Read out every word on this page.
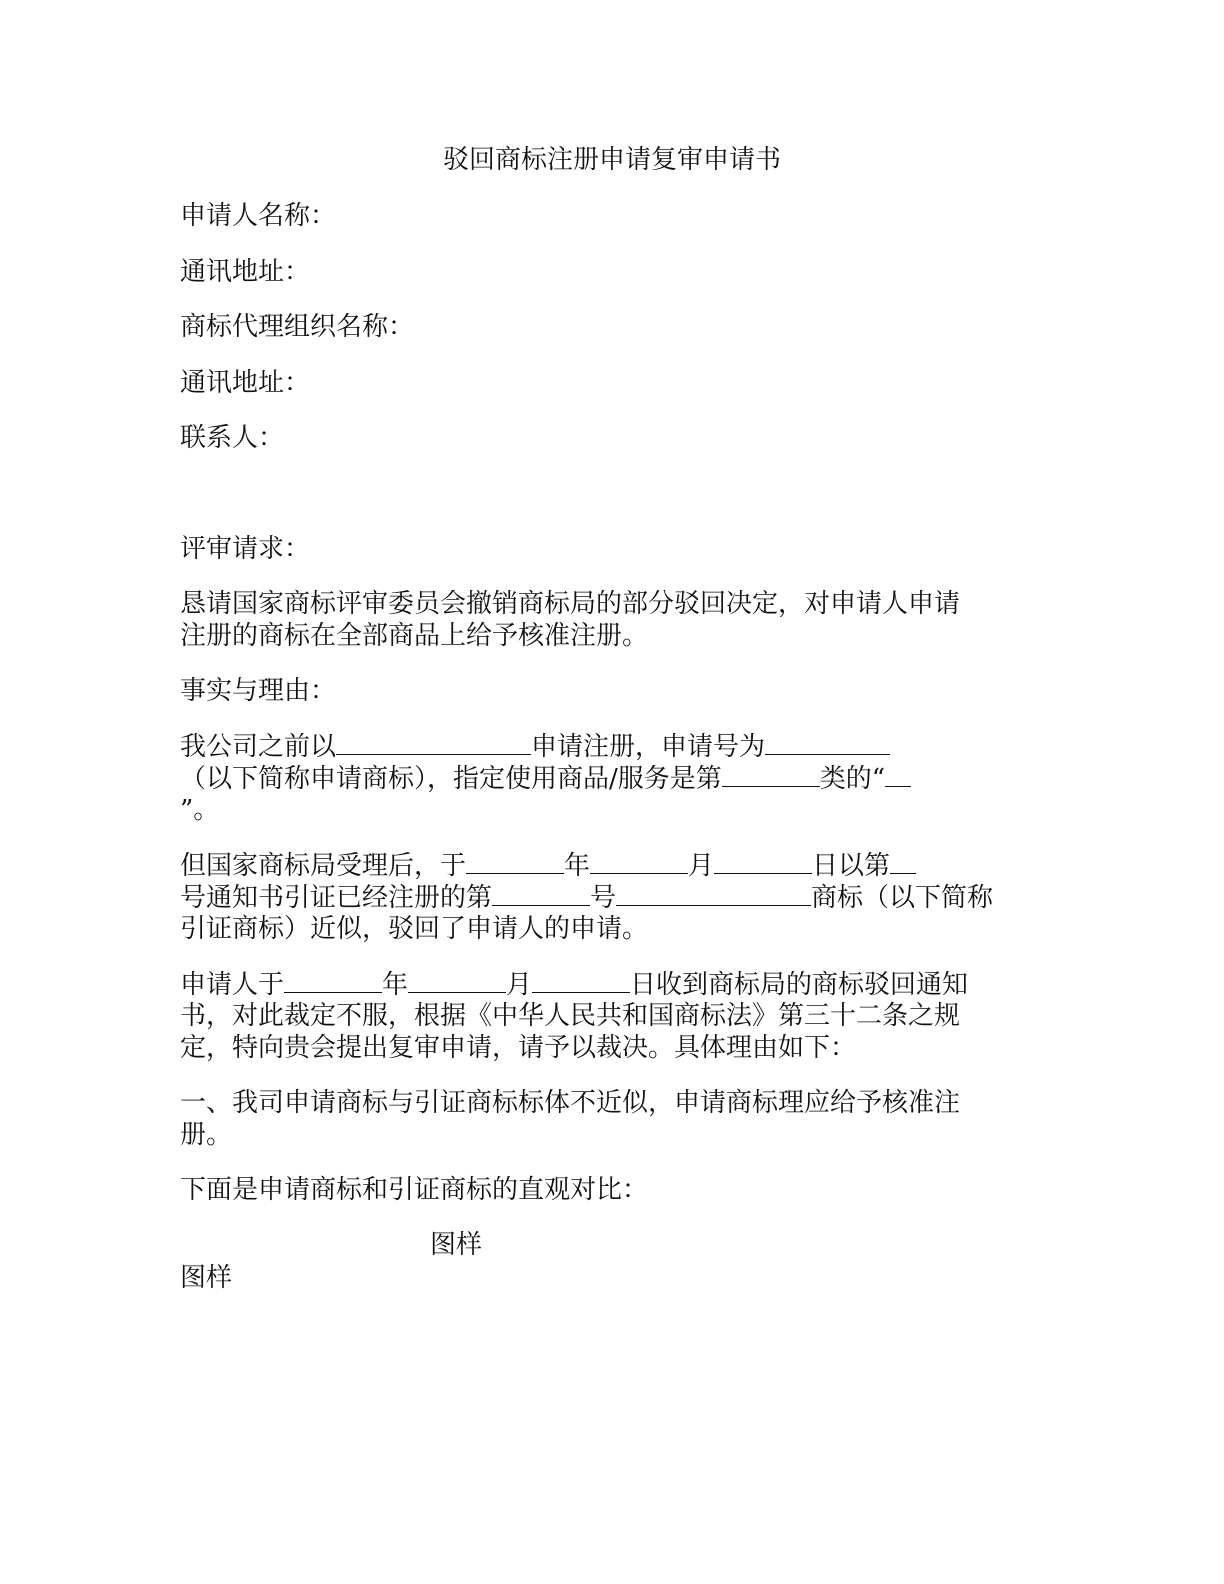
驳回商标注册申请复审申请书
申请人名称：
通讯地址：
商标代理组织名称：
通讯地址：
联系人：
评审请求：
恳请国家商标评审委员会撤销商标局的部分驳回决定，对申请人申请
注册的商标在全部商品上给予核准注册。
事实与理由：
我公司之前以	申请注册，申请号为
（以下简称申请商标），指定使用商品/服务是第	类的“
”。
但国家商标局受理后，于	年	月	日以第
号通知书引证已经注册的第	号	商标（以下简称
引证商标）近似，驳回了申请人的申请。
申请人于	年	月	日收到商标局的商标驳回通知
书，对此裁定不服，根据《中华人民共和国商标法》第三十二条之规
定，特向贵会提出复审申请，请予以裁决。具体理由如下：
一、我司申请商标与引证商标标体不近似，申请商标理应给予核准注
册。
下面是申请商标和引证商标的直观对比：
图样
图样
